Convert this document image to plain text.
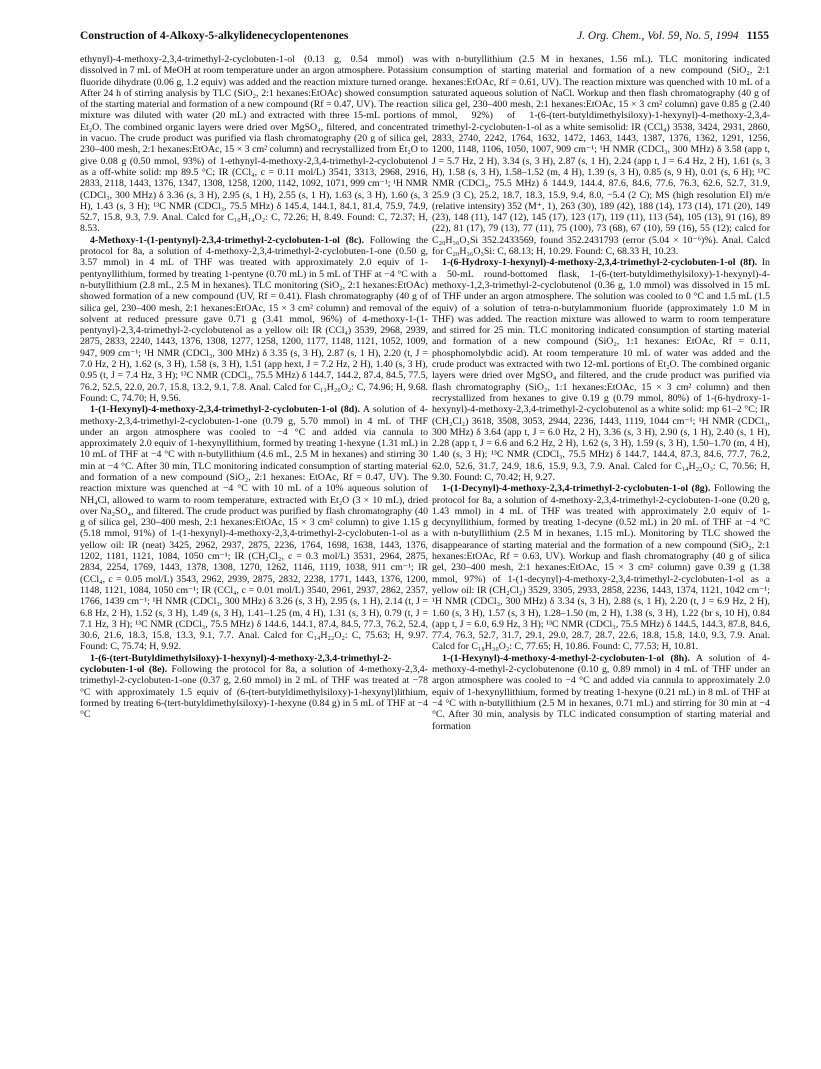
Construction of 4-Alkoxy-5-alkylidenecyclopentenones	J. Org. Chem., Vol. 59, No. 5, 1994 1155

ethynyl)-4-methoxy-2,3,4-trimethyl-2-cyclobuten-1-ol (0.13 g, 0.54 mmol) was dissolved in 7 mL of MeOH at room temperature under an argon atmosphere. Potassium fluoride dihydrate (0.06 g, 1.2 equiv) was added and the reaction mixture turned orange. After 24 h of stirring analysis by TLC (SiO₂, 2:1 hexanes:EtOAc) showed consumption of the starting material and formation of a new compound (Rf = 0.47, UV). The reaction mixture was diluted with water (20 mL) and extracted with three 15-mL portions of Et₂O. The combined organic layers were dried over MgSO₄, filtered, and concentrated in vacuo. The crude product was purified via flash chromatography (20 g of silica gel, 230–400 mesh, 2:1 hexanes:EtOAc, 15 × 3 cm² column) and recrystallized from Et₂O to give 0.08 g (0.50 mmol, 93%) of 1-ethynyl-4-methoxy-2,3,4-trimethyl-2-cyclobutenol as a off-white solid: mp 89.5 °C; IR (CCl₄, c = 0.11 mol/L) 3541, 3313, 2968, 2916, 2833, 2118, 1443, 1376, 1347, 1308, 1258, 1200, 1142, 1092, 1071, 999 cm⁻¹; ¹H NMR (CDCl₃, 300 MHz) δ 3.36 (s, 3 H), 2.95 (s, 1 H), 2.55 (s, 1 H), 1.63 (s, 3 H), 1.60 (s, 3 H), 1.43 (s, 3 H); ¹³C NMR (CDCl₃, 75.5 MHz) δ 145.4, 144.1, 84.1, 81.4, 75.9, 74.9, 52.7, 15.8, 9.3, 7.9. Anal. Calcd for C₁₀H₁₄O₂: C, 72.26; H, 8.49. Found: C, 72.37; H, 8.53.

4-Methoxy-1-(1-pentynyl)-2,3,4-trimethyl-2-cyclobuten-1-ol (8c). Following the protocol for 8a, a solution of 4-methoxy-2,3,4-trimethyl-2-cyclobuten-1-one (0.50 g, 3.57 mmol) in 4 mL of THF was treated with approximately 2.0 equiv of 1-pentynyllithium, formed by treating 1-pentyne (0.70 mL) in 5 mL of THF at −4 °C with n-butyllithium (2.8 mL, 2.5 M in hexanes). TLC monitoring (SiO₂, 2:1 hexanes:EtOAc) showed formation of a new compound (UV, Rf = 0.41). Flash chromatography (40 g of silica gel, 230–400 mesh, 2:1 hexanes:EtOAc, 15 × 3 cm² column) and removal of the solvent at reduced pressure gave 0.71 g (3.41 mmol, 96%) of 4-methoxy-1-(1-pentynyl)-2,3,4-trimethyl-2-cyclobutenol as a yellow oil: IR (CCl₄) 3539, 2968, 2939, 2875, 2833, 2240, 1443, 1376, 1308, 1277, 1258, 1200, 1177, 1148, 1121, 1052, 1009, 947, 909 cm⁻¹; ¹H NMR (CDCl₃, 300 MHz) δ 3.35 (s, 3 H), 2.87 (s, 1 H), 2.20 (t, J = 7.0 Hz, 2 H), 1.62 (s, 3 H), 1.58 (s, 3 H), 1.51 (app hext, J = 7.2 Hz, 2 H), 1.40 (s, 3 H), 0.95 (t, J = 7.4 Hz, 3 H); ¹³C NMR (CDCl₃, 75.5 MHz) δ 144.7, 144.2, 87.4, 84.5, 77.5, 76.2, 52.5, 22.0, 20.7, 15.8, 13.2, 9.1, 7.8. Anal. Calcd for C₁₃H₂₀O₂: C, 74.96; H, 9.68. Found: C, 74.70; H, 9.56.

1-(1-Hexynyl)-4-methoxy-2,3,4-trimethyl-2-cyclobuten-1-ol (8d). A solution of 4-methoxy-2,3,4-trimethyl-2-cyclobuten-1-one (0.79 g, 5.70 mmol) in 4 mL of THF under an argon atmosphere was cooled to −4 °C and added via cannula to approximately 2.0 equiv of 1-hexynyllithium, formed by treating 1-hexyne (1.31 mL) in 10 mL of THF at −4 °C with n-butyllithium (4.6 mL, 2.5 M in hexanes) and stirring 30 min at −4 °C. After 30 min, TLC monitoring indicated consumption of starting material and formation of a new compound (SiO₂, 2:1 hexanes: EtOAc, Rf = 0.47, UV). The reaction mixture was quenched at −4 °C with 10 mL of a 10% aqueous solution of NH₄Cl, allowed to warm to room temperature, extracted with Et₂O (3 × 10 mL), dried over Na₂SO₄, and filtered. The crude product was purified by flash chromatography (40 g of silica gel, 230–400 mesh, 2:1 hexanes:EtOAc, 15 × 3 cm² column) to give 1.15 g (5.18 mmol, 91%) of 1-(1-hexynyl)-4-methoxy-2,3,4-trimethyl-2-cyclobuten-1-ol as a yellow oil: IR (neat) 3425, 2962, 2937, 2875, 2236, 1764, 1698, 1638, 1443, 1376, 1202, 1181, 1121, 1084, 1050 cm⁻¹; IR (CH₂Cl₂, c = 0.3 mol/L) 3531, 2964, 2875, 2834, 2254, 1769, 1443, 1378, 1308, 1270, 1262, 1146, 1119, 1038, 911 cm⁻¹; IR (CCl₄, c = 0.05 mol/L) 3543, 2962, 2939, 2875, 2832, 2238, 1771, 1443, 1376, 1200, 1148, 1121, 1084, 1050 cm⁻¹; IR (CCl₄, c = 0.01 mol/L) 3540, 2961, 2937, 2862, 2357, 1766, 1439 cm⁻¹; ¹H NMR (CDCl₃, 300 MHz) δ 3.26 (s, 3 H), 2.95 (s, 1 H), 2.14 (t, J = 6.8 Hz, 2 H), 1.52 (s, 3 H), 1.49 (s, 3 H), 1.41–1.25 (m, 4 H), 1.31 (s, 3 H), 0.79 (t, J = 7.1 Hz, 3 H); ¹³C NMR (CDCl₃, 75.5 MHz) δ 144.6, 144.1, 87.4, 84.5, 77.3, 76.2, 52.4, 30.6, 21.6, 18.3, 15.8, 13.3, 9.1, 7.7. Anal. Calcd for C₁₄H₂₂O₂: C, 75.63; H, 9.97. Found: C, 75.74; H, 9.92.

1-(6-(tert-Butyldimethylsiloxy)-1-hexynyl)-4-methoxy-2,3,4-trimethyl-2-cyclobuten-1-ol (8e). Following the protocol for 8a, a solution of 4-methoxy-2,3,4-trimethyl-2-cyclobuten-1-one (0.37 g, 2.60 mmol) in 2 mL of THF was treated at −78 °C with approximately 1.5 equiv of (6-(tert-butyldimethylsiloxy)-1-hexynyl)lithium, formed by treating 6-(tert-butyldimethylsiloxy)-1-hexyne (0.84 g) in 5 mL of THF at −4 °C

with n-butyllithium (2.5 M in hexanes, 1.56 mL). TLC monitoring indicated consumption of starting material and formation of a new compound (SiO₂, 2:1 hexanes:EtOAc, Rf = 0.61, UV). The reaction mixture was quenched with 10 mL of a saturated aqueous solution of NaCl. Workup and then flash chromatography (40 g of silica gel, 230–400 mesh, 2:1 hexanes:EtOAc, 15 × 3 cm² column) gave 0.85 g (2.40 mmol, 92%) of 1-(6-(tert-butyldimethylsiloxy)-1-hexynyl)-4-methoxy-2,3,4-trimethyl-2-cyclobuten-1-ol as a white semisolid: IR (CCl₄) 3538, 3424, 2931, 2860, 2833, 2740, 2242, 1764, 1632, 1472, 1463, 1443, 1387, 1376, 1362, 1291, 1256, 1200, 1148, 1106, 1050, 1007, 909 cm⁻¹; ¹H NMR (CDCl₃, 300 MHz) δ 3.58 (app t, J = 5.7 Hz, 2 H), 3.34 (s, 3 H), 2.87 (s, 1 H), 2.24 (app t, J = 6.4 Hz, 2 H), 1.61 (s, 3 H), 1.58 (s, 3 H), 1.58–1.52 (m, 4 H), 1.39 (s, 3 H), 0.85 (s, 9 H), 0.01 (s, 6 H); ¹³C NMR (CDCl₃, 75.5 MHz) δ 144.9, 144.4, 87.6, 84.6, 77.6, 76.3, 62.6, 52.7, 31.9, 25.9 (3 C), 25.2, 18.7, 18.3, 15.9, 9.4, 8.0, −5.4 (2 C); MS (high resolution EI) m/e (relative intensity) 352 (M⁺, 1), 263 (30), 189 (42), 188 (14), 173 (14), 171 (20), 149 (23), 148 (11), 147 (12), 145 (17), 123 (17), 119 (11), 113 (54), 105 (13), 91 (16), 89 (22), 81 (17), 79 (13), 77 (11), 75 (100), 73 (68), 67 (10), 59 (16), 55 (12); calcd for C₂₀H₃₆O₃Si 352.2433569, found 352.2431793 (error (5.04 × 10⁻⁶)%). Anal. Calcd for C₂₀H₃₆O₃Si: C, 68.13; H, 10.29. Found: C, 68.33 H, 10.23.

1-(6-Hydroxy-1-hexynyl)-4-methoxy-2,3,4-trimethyl-2-cyclobuten-1-ol (8f). In a 50-mL round-bottomed flask, 1-(6-(tert-butyldimethylsiloxy)-1-hexynyl)-4-methoxy-1,2,3-trimethyl-2-cyclobutenol (0.36 g, 1.0 mmol) was dissolved in 15 mL of THF under an argon atmosphere. The solution was cooled to 0 °C and 1.5 mL (1.5 equiv) of a solution of tetra-n-butylammonium fluoride (approximately 1.0 M in THF) was added. The reaction mixture was allowed to warm to room temperature and stirred for 25 min. TLC monitoring indicated consumption of starting material and formation of a new compound (SiO₂, 1:1 hexanes: EtOAc, Rf = 0.11, phosphomolybdic acid). At room temperature 10 mL of water was added and the crude product was extracted with two 12-mL portions of Et₂O. The combined organic layers were dried over MgSO₄ and filtered, and the crude product was purified via flash chromatography (SiO₂, 1:1 hexanes:EtOAc, 15 × 3 cm² column) and then recrystallized from hexanes to give 0.19 g (0.79 mmol, 80%) of 1-(6-hydroxy-1-hexynyl)-4-methoxy-2,3,4-trimethyl-2-cyclobutenol as a white solid: mp 61–2 °C; IR (CH₂Cl₂) 3618, 3508, 3053, 2944, 2236, 1443, 1119, 1044 cm⁻¹; ¹H NMR (CDCl₃, 300 MHz) δ 3.64 (app t, J = 6.0 Hz, 2 H), 3.36 (s, 3 H), 2.90 (s, 1 H), 2.40 (s, 1 H), 2.28 (app t, J = 6.6 and 6.2 Hz, 2 H), 1.62 (s, 3 H), 1.59 (s, 3 H), 1.50–1.70 (m, 4 H), 1.40 (s, 3 H); ¹³C NMR (CDCl₃, 75.5 MHz) δ 144.7, 144.4, 87.3, 84.6, 77.7, 76.2, 62.0, 52.6, 31.7, 24.9, 18.6, 15.9, 9.3, 7.9. Anal. Calcd for C₁₄H₂₂O₃: C, 70.56; H, 9.30. Found: C, 70.42; H, 9.27.

1-(1-Decynyl)-4-methoxy-2,3,4-trimethyl-2-cyclobuten-1-ol (8g). Following the protocol for 8a, a solution of 4-methoxy-2,3,4-trimethyl-2-cyclobuten-1-one (0.20 g, 1.43 mmol) in 4 mL of THF was treated with approximately 2.0 equiv of 1-decynyllithium, formed by treating 1-decyne (0.52 mL) in 20 mL of THF at −4 °C with n-butyllithium (2.5 M in hexanes, 1.15 mL). Monitoring by TLC showed the disappearance of starting material and the formation of a new compound (SiO₂, 2:1 hexanes:EtOAc, Rf = 0.63, UV). Workup and flash chromatography (40 g of silica gel, 230–400 mesh, 2:1 hexanes:EtOAc, 15 × 3 cm² column) gave 0.39 g (1.38 mmol, 97%) of 1-(1-decynyl)-4-methoxy-2,3,4-trimethyl-2-cyclobuten-1-ol as a yellow oil: IR (CH₂Cl₂) 3529, 3305, 2933, 2858, 2236, 1443, 1374, 1121, 1042 cm⁻¹; ¹H NMR (CDCl₃, 300 MHz) δ 3.34 (s, 3 H), 2.88 (s, 1 H), 2.20 (t, J = 6.9 Hz, 2 H), 1.60 (s, 3 H), 1.57 (s, 3 H), 1.28–1.50 (m, 2 H), 1.38 (s, 3 H), 1.22 (br s, 10 H), 0.84 (app t, J = 6.0, 6.9 Hz, 3 H); ¹³C NMR (CDCl₃, 75.5 MHz) δ 144.5, 144.3, 87.8, 84.6, 77.4, 76.3, 52.7, 31.7, 29.1, 29.0, 28.7, 28.7, 22.6, 18.8, 15.8, 14.0, 9.3, 7.9. Anal. Calcd for C₁₈H₃₀O₂: C, 77.65; H, 10.86. Found: C, 77.53; H, 10.81.

1-(1-Hexynyl)-4-methoxy-4-methyl-2-cyclobuten-1-ol (8h). A solution of 4-methoxy-4-methyl-2-cyclobutenone (0.10 g, 0.89 mmol) in 4 mL of THF under an argon atmosphere was cooled to −4 °C and added via cannula to approximately 2.0 equiv of 1-hexynyllithium, formed by treating 1-hexyne (0.21 mL) in 8 mL of THF at −4 °C with n-butyllithium (2.5 M in hexanes, 0.71 mL) and stirring for 30 min at −4 °C. After 30 min, analysis by TLC indicated consumption of starting material and formation
